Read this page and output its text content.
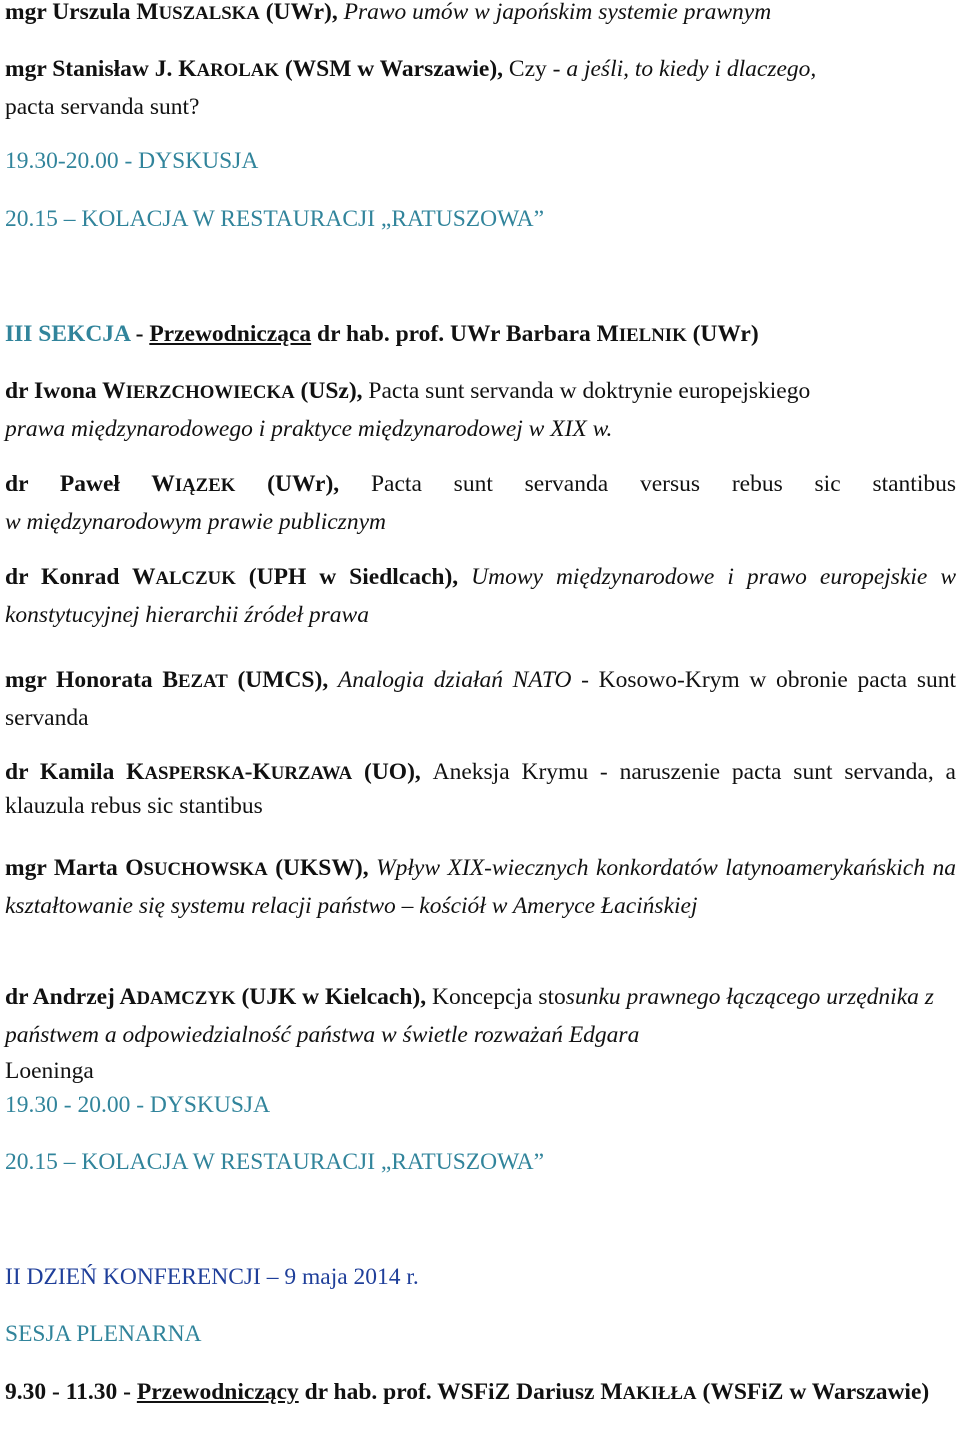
mgr Urszula MUSZALSKA (UWr), Prawo umów w japońskim systemie prawnym

mgr Stanisław J. KAROLAK (WSM w Warszawie), Czy - a jeśli, to kiedy i dlaczego,
pacta servanda sunt?

19.30-20.00 - DYSKUSJA

20.15 – KOLACJA W RESTAURACJI „RATUSZOWA”

III SEKCJA - Przewodnicząca dr hab. prof. UWr Barbara MIELNIK (UWr)

dr Iwona WIERZCHOWIECKA (USz), Pacta sunt servanda w doktrynie europejskiego
prawa międzynarodowego i praktyce międzynarodowej w XIX w.

dr Paweł WIĄZEK (UWr), Pacta sunt servanda versus rebus sic stantibus
w międzynarodowym prawie publicznym

dr Konrad WALCZUK (UPH w Siedlcach), Umowy międzynarodowe i prawo europejskie w konstytucyjnej hierarchii źródeł prawa

mgr Honorata BEZAT (UMCS), Analogia działań NATO - Kosowo-Krym w obronie pacta sunt servanda

dr Kamila KASPERSKA-KURZAWA (UO), Aneksja Krymu - naruszenie pacta sunt servanda, a klauzula rebus sic stantibus

mgr Marta OSUCHOWSKA (UKSW), Wpływ XIX-wiecznych konkordatów latynoamerykańskich na kształtowanie się systemu relacji państwo – kościół w Ameryce Łacińskiej

dr Andrzej ADAMCZYK (UJK w Kielcach), Koncepcja stosunku prawnego łączącego urzędnika z państwem a odpowiedzialność państwa w świetle rozważań Edgara
Loeninga

19.30 - 20.00 - DYSKUSJA

20.15 – KOLACJA W RESTAURACJI „RATUSZOWA”

II DZIEŃ KONFERENCJI – 9 maja 2014 r.

SESJA PLENARNA

9.30 - 11.30 - Przewodniczący dr hab. prof. WSFiZ Dariusz MAKIŁŁA (WSFiZ w Warszawie)
